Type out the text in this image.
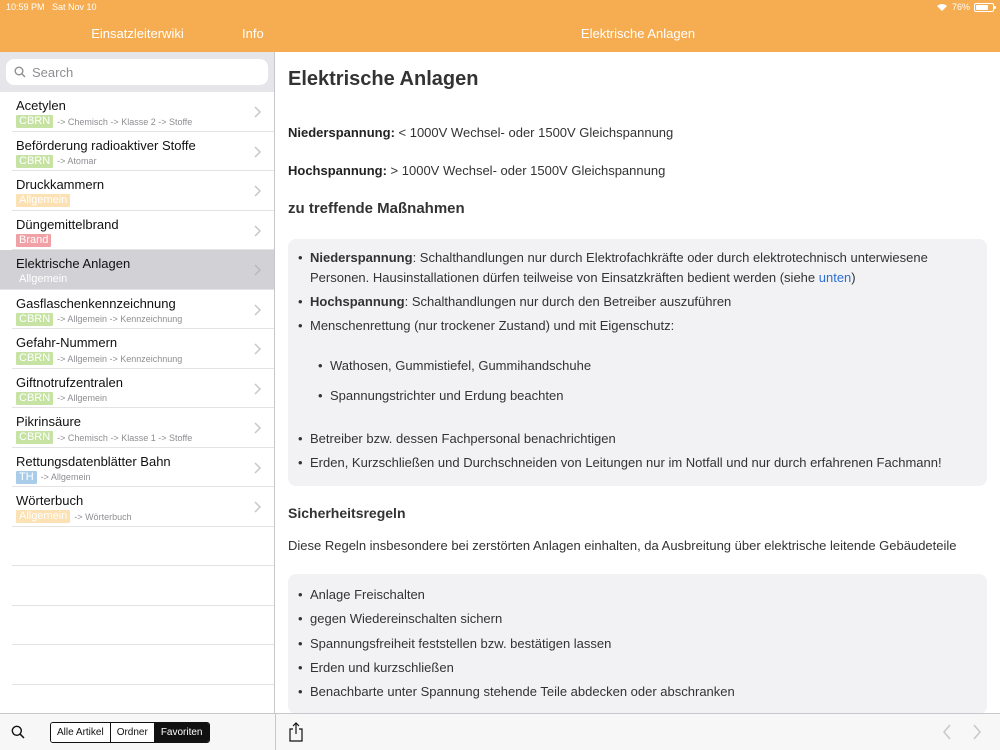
10:59 PM Sat Nov 10	76%
Einsatzleiterwiki	Info	Elektrische Anlagen
Search
Acetylen
CBRN -> Chemisch -> Klasse 2 -> Stoffe
Beförderung radioaktiver Stoffe
CBRN -> Atomar
Druckkammern
Allgemein
Düngemittelbrand
Brand
Elektrische Anlagen
Allgemein
Gasflaschenkennzeichnung
CBRN -> Allgemein -> Kennzeichnung
Gefahr-Nummern
CBRN -> Allgemein -> Kennzeichnung
Giftnotrufzentralen
CBRN -> Allgemein
Pikrinsäure
CBRN -> Chemisch -> Klasse 1 -> Stoffe
Rettungsdatenblätter Bahn
TH -> Allgemein
Wörterbuch
Allgemein -> Wörterbuch
Elektrische Anlagen
Niederspannung: < 1000V Wechsel- oder 1500V Gleichspannung
Hochspannung: > 1000V Wechsel- oder 1500V Gleichspannung
zu treffende Maßnahmen
• Niederspannung: Schalthandlungen nur durch Elektrofachkräfte oder durch elektrotechnisch unterwiesene Personen. Hausinstallationen dürfen teilweise von Einsatzkräften bedient werden (siehe unten)
• Hochspannung: Schalthandlungen nur durch den Betreiber auszuführen
• Menschenrettung (nur trockener Zustand) und mit Eigenschutz:
• Wathosen, Gummistiefel, Gummihandschuhe
• Spannungstrichter und Erdung beachten
• Betreiber bzw. dessen Fachpersonal benachrichtigen
• Erden, Kurzschließen und Durchschneiden von Leitungen nur im Notfall und nur durch erfahrenen Fachmann!
Sicherheitsregeln
Diese Regeln insbesondere bei zerstörten Anlagen einhalten, da Ausbreitung über elektrische leitende Gebäudeteile
• Anlage Freischalten
• gegen Wiedereinschalten sichern
• Spannungsfreiheit feststellen bzw. bestätigen lassen
• Erden und kurzschließen
• Benachbarte unter Spannung stehende Teile abdecken oder abschranken
Alle Artikel	Ordner	Favoriten
